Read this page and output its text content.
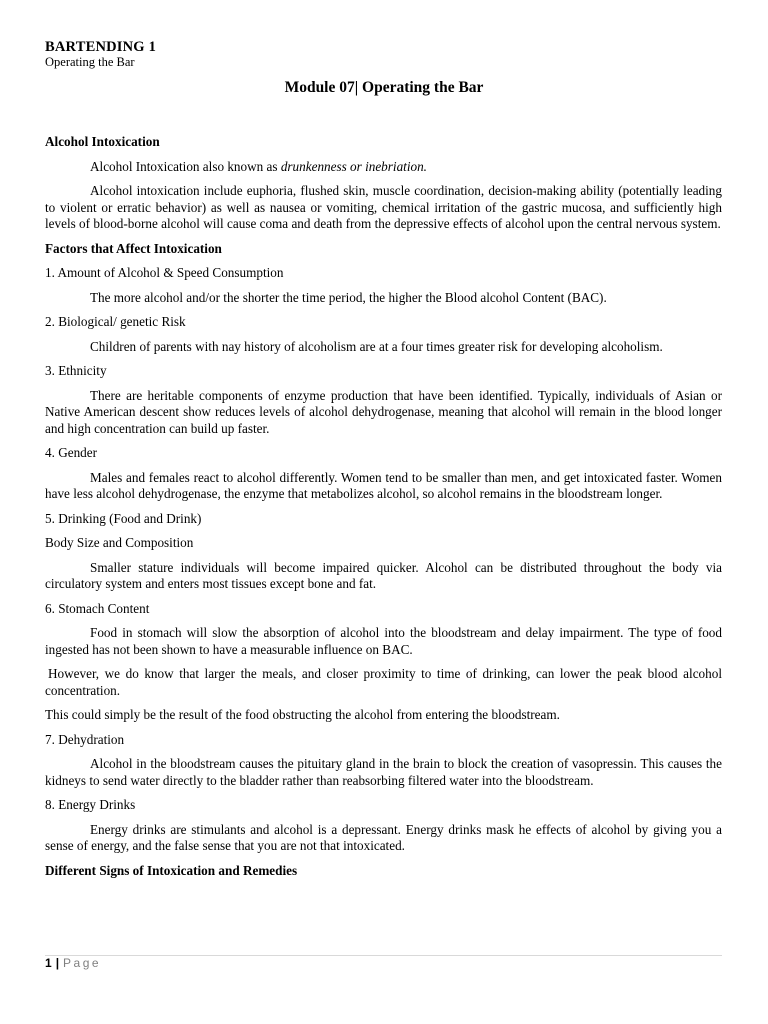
BARTENDING 1
Operating the Bar
Module 07| Operating the Bar
Alcohol Intoxication

Alcohol Intoxication also known as drunkenness or inebriation.

Alcohol intoxication include euphoria, flushed skin, muscle coordination, decision-making ability (potentially leading to violent or erratic behavior) as well as nausea or vomiting, chemical irritation of the gastric mucosa, and sufficiently high levels of blood-borne alcohol will cause coma and death from the depressive effects of alcohol upon the central nervous system.

Factors that Affect Intoxication

1. Amount of Alcohol & Speed Consumption

The more alcohol and/or the shorter the time period, the higher the Blood alcohol Content (BAC).

2. Biological/ genetic Risk

Children of parents with nay history of alcoholism are at a four times greater risk for developing alcoholism.

3. Ethnicity

There are heritable components of enzyme production that have been identified. Typically, individuals of Asian or Native American descent show reduces levels of alcohol dehydrogenase, meaning that alcohol will remain in the blood longer and high concentration can build up faster.

4. Gender

Males and females react to alcohol differently. Women tend to be smaller than men, and get intoxicated faster. Women have less alcohol dehydrogenase, the enzyme that metabolizes alcohol, so alcohol remains in the bloodstream longer.

5. Drinking (Food and Drink)

Body Size and Composition

Smaller stature individuals will become impaired quicker. Alcohol can be distributed throughout the body via circulatory system and enters most tissues except bone and fat.

6. Stomach Content

Food in stomach will slow the absorption of alcohol into the bloodstream and delay impairment. The type of food ingested has not been shown to have a measurable influence on BAC.

However, we do know that larger the meals, and closer proximity to time of drinking, can lower the peak blood alcohol concentration.

This could simply be the result of the food obstructing the alcohol from entering the bloodstream.

7. Dehydration

Alcohol in the bloodstream causes the pituitary gland in the brain to block the creation of vasopressin. This causes the kidneys to send water directly to the bladder rather than reabsorbing filtered water into the bloodstream.

8. Energy Drinks

Energy drinks are stimulants and alcohol is a depressant. Energy drinks mask he effects of alcohol by giving you a sense of energy, and the false sense that you are not that intoxicated.

Different Signs of Intoxication and Remedies
1 | Page
